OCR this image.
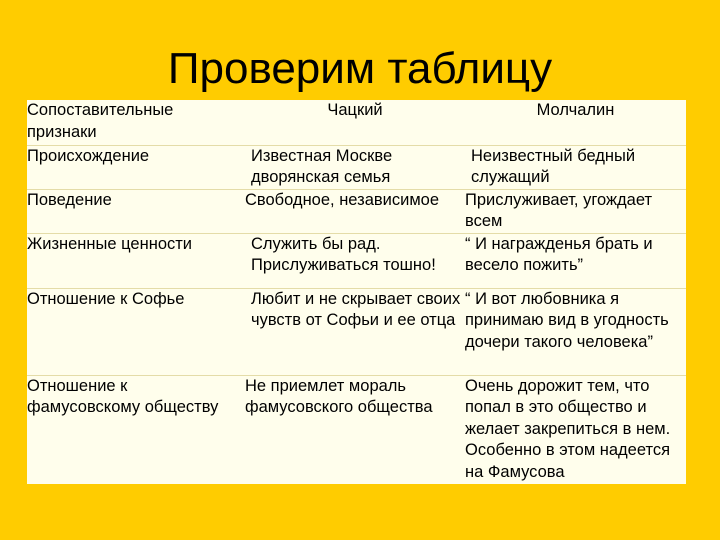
Проверим таблицу
Сопоставительные признаки	Чацкий	Молчалин
Происхождение	Известная Москве дворянская семья	Неизвестный бедный служащий
Поведение	Свободное, независимое	Прислуживает, угождает всем
Жизненные ценности	Служить бы рад. Прислуживаться тошно!	“ И награжденья брать и весело пожить”
Отношение к Софье	Любит и не скрывает своих чувств от Софьи и ее отца	“ И вот любовника я принимаю вид в угодность дочери такого человека”
Отношение к фамусовскому обществу	Не приемлет мораль фамусовского общества	Очень дорожит тем, что попал в это общество и желает закрепиться в нем. Особенно в этом надеется на Фамусова
